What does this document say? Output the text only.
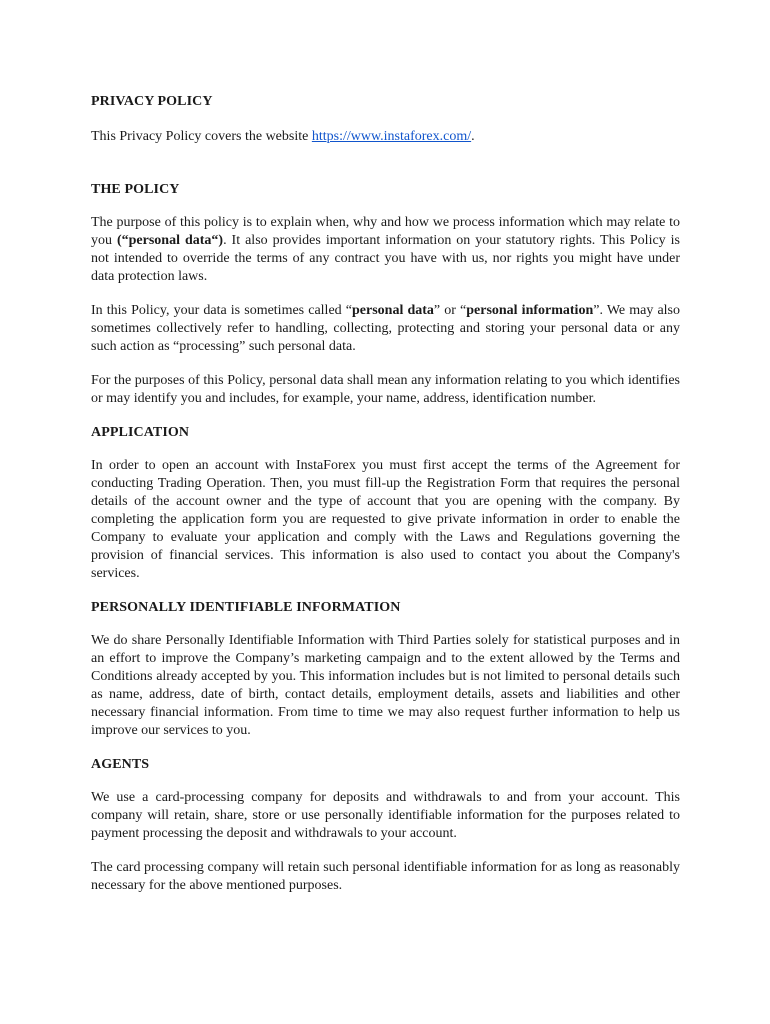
PRIVACY POLICY

This Privacy Policy covers the website https://www.instaforex.com/.

THE POLICY

The purpose of this policy is to explain when, why and how we process information which may relate to you (“personal data“). It also provides important information on your statutory rights. This Policy is not intended to override the terms of any contract you have with us, nor rights you might have under data protection laws.

In this Policy, your data is sometimes called “personal data” or “personal information”. We may also sometimes collectively refer to handling, collecting, protecting and storing your personal data or any such action as “processing” such personal data.

For the purposes of this Policy, personal data shall mean any information relating to you which identifies or may identify you and includes, for example, your name, address, identification number.

APPLICATION

In order to open an account with InstaForex you must first accept the terms of the Agreement for conducting Trading Operation. Then, you must fill-up the Registration Form that requires the personal details of the account owner and the type of account that you are opening with the company. By completing the application form you are requested to give private information in order to enable the Company to evaluate your application and comply with the Laws and Regulations governing the provision of financial services. This information is also used to contact you about the Company's services.

PERSONALLY IDENTIFIABLE INFORMATION

We do share Personally Identifiable Information with Third Parties solely for statistical purposes and in an effort to improve the Company’s marketing campaign and to the extent allowed by the Terms and Conditions already accepted by you. This information includes but is not limited to personal details such as name, address, date of birth, contact details, employment details, assets and liabilities and other necessary financial information. From time to time we may also request further information to help us improve our services to you.

AGENTS

We use a card-processing company for deposits and withdrawals to and from your account. This company will retain, share, store or use personally identifiable information for the purposes related to payment processing the deposit and withdrawals to your account.

The card processing company will retain such personal identifiable information for as long as reasonably necessary for the above mentioned purposes.
